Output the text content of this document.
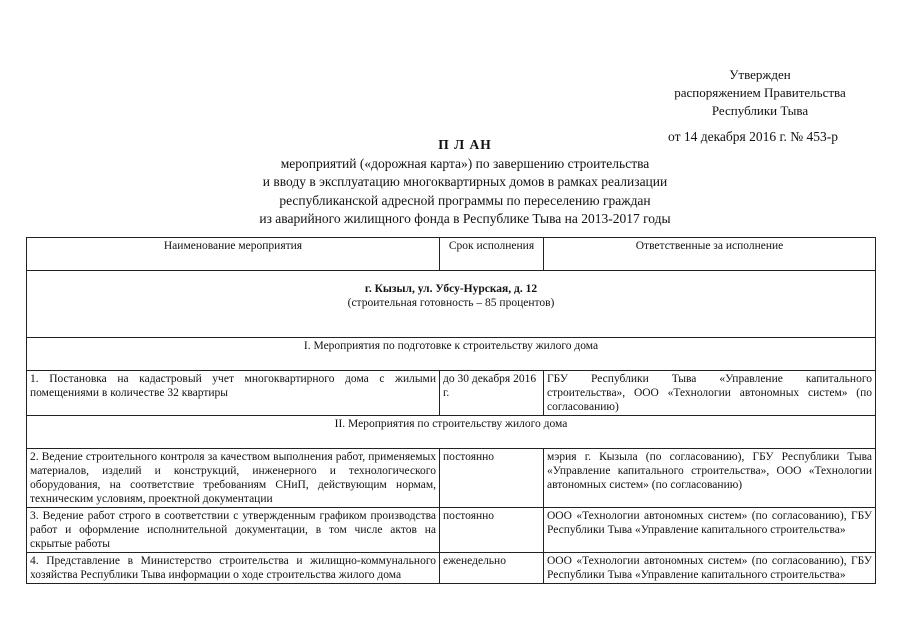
Утвержден
распоряжением Правительства
Республики Тыва
от 14 декабря 2016 г. № 453-р
П Л АН
мероприятий («дорожная карта») по завершению строительства
и вводу в эксплуатацию многоквартирных домов в рамках реализации
республиканской адресной программы по переселению граждан
из аварийного жилищного фонда в Республике Тыва на 2013-2017 годы
Наименование мероприятия	Срок исполнения	Ответственные за исполнение

г. Кызыл, ул. Убсу-Нурская, д. 12
(строительная готовность – 85 процентов)		

I. Мероприятия по подготовке к строительству жилого дома		
1. Постановка на кадастровый учет многоквартирного дома с жилыми помещениями в количестве 32 квартиры	до 30 декабря 2016 г.	ГБУ Республики Тыва «Управление капитального строительства», ООО «Технологии автономных систем» (по согласованию)
II. Мероприятия по строительству жилого дома		
2. Ведение строительного контроля за качеством выполнения работ, применяемых материалов, изделий и конструкций, инженерного и технологического оборудования, на соответствие требованиям СНиП, действующим нормам, техническим условиям, проектной документации	постоянно	мэрия г. Кызыла (по согласованию), ГБУ Республики Тыва «Управление капитального строительства», ООО «Технологии автономных систем» (по согласованию)
3. Ведение работ строго в соответствии с утвержденным графиком производства работ и оформление исполнительной документации, в том числе актов на скрытые работы	постоянно	ООО «Технологии автономных систем» (по согласованию), ГБУ Республики Тыва «Управление капитального строительства»
4. Представление в Министерство строительства и жилищно-коммунального хозяйства Республики Тыва информации о ходе строительства жилого дома	еженедельно	ООО «Технологии автономных систем» (по согласованию), ГБУ Республики Тыва «Управление капитального строительства»
